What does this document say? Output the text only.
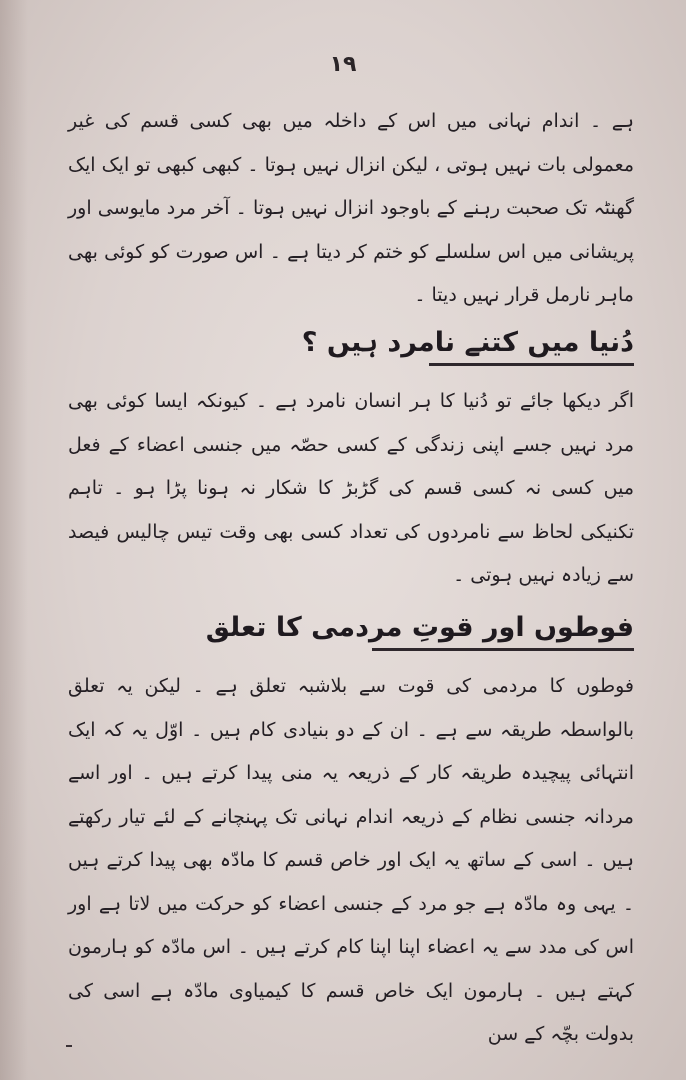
۱۹

ہے ۔ اندام نہانی میں اس کے داخلہ میں بھی کسی قسم کی غیر معمولی بات نہیں ہوتی ، لیکن انزال نہیں ہوتا ۔ کبھی کبھی تو ایک ایک گھنٹہ تک صحبت رہنے کے باوجود انزال نہیں ہوتا ۔ آخر مرد مایوسی اور پریشانی میں اس سلسلے کو ختم کر دیتا ہے ۔ اس صورت کو کوئی بھی ماہر نارمل قرار نہیں دیتا ۔

دُنیا میں کتنے نامرد ہیں ؟

اگر دیکھا جائے تو دُنیا کا ہر انسان نامرد ہے ۔ کیونکہ ایسا کوئی بھی مرد نہیں جسے اپنی زندگی کے کسی حصّہ میں جنسی اعضاء کے فعل میں کسی نہ کسی قسم کی گڑبڑ کا شکار نہ ہونا پڑا ہو ۔ تاہم تکنیکی لحاظ سے نامردوں کی تعداد کسی بھی وقت تیس چالیس فیصد سے زیادہ نہیں ہوتی ۔

فوطوں اور قوتِ مردمی کا تعلق

فوطوں کا مردمی کی قوت سے بلاشبہ تعلق ہے ۔ لیکن یہ تعلق بالواسطہ طریقہ سے ہے ۔ ان کے دو بنیادی کام ہیں ۔ اوّل یہ کہ ایک انتہائی پیچیدہ طریقہ کار کے ذریعہ یہ منی پیدا کرتے ہیں ۔ اور اسے مردانہ جنسی نظام کے ذریعہ اندام نہانی تک پہنچانے کے لئے تیار رکھتے ہیں ۔ اسی کے ساتھ یہ ایک اور خاص قسم کا مادّہ بھی پیدا کرتے ہیں ۔ یہی وہ مادّہ ہے جو مرد کے جنسی اعضاء کو حرکت میں لاتا ہے اور اس کی مدد سے یہ اعضاء اپنا اپنا کام کرتے ہیں ۔ اس مادّہ کو ہارمون کہتے ہیں ۔ ہارمون ایک خاص قسم کا کیمیاوی مادّہ ہے اسی کی بدولت بچّہ کے سن
